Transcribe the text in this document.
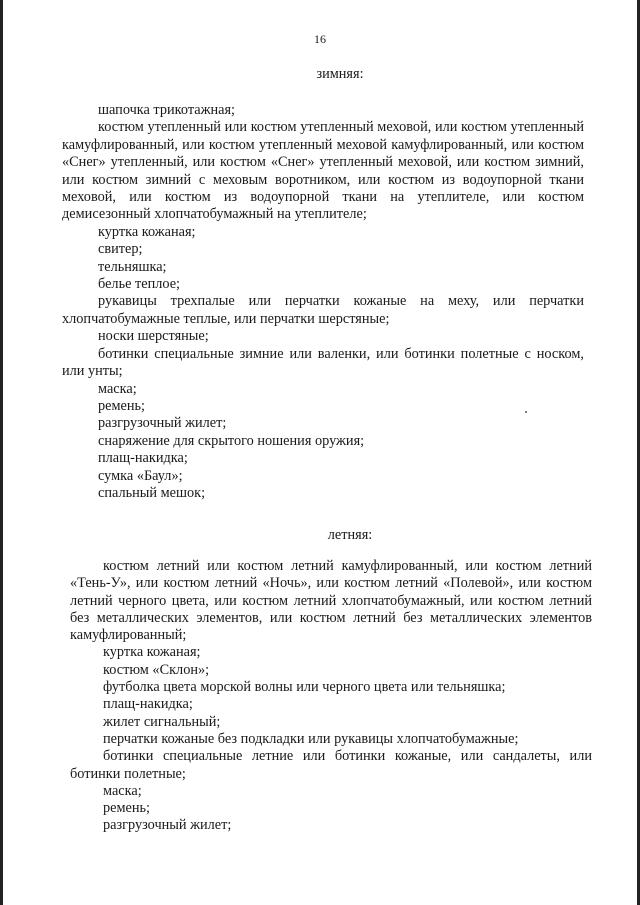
16
зимняя:

шапочка трикотажная;

костюм утепленный или костюм утепленный меховой, или костюм утепленный камуфлированный, или костюм утепленный меховой камуфлированный, или костюм «Снег» утепленный, или костюм «Снег» утепленный меховой, или костюм зимний, или костюм зимний с меховым воротником, или костюм из водоупорной ткани меховой, или костюм из водоупорной ткани на утеплителе, или костюм демисезонный хлопчатобумажный на утеплителе;

куртка кожаная;

свитер;

тельняшка;

белье теплое;

рукавицы трехпалые или перчатки кожаные на меху, или перчатки хлопчатобумажные теплые, или перчатки шерстяные;

носки шерстяные;

ботинки специальные зимние или валенки, или ботинки полетные с носком, или унты;

маска;

ремень;

разгрузочный жилет;

снаряжение для скрытого ношения оружия;

плащ-накидка;

сумка «Баул»;

спальный мешок;

летняя:

костюм летний или костюм летний камуфлированный, или костюм летний «Тень-У», или костюм летний «Ночь», или костюм летний «Полевой», или костюм летний черного цвета, или костюм летний хлопчатобумажный, или костюм летний без металлических элементов, или костюм летний без металлических элементов камуфлированный;

куртка кожаная;

костюм «Склон»;

футболка цвета морской волны или черного цвета или тельняшка;

плащ-накидка;

жилет сигнальный;

перчатки кожаные без подкладки или рукавицы хлопчатобумажные;

ботинки специальные летние или ботинки кожаные, или сандалеты, или ботинки полетные;

маска;

ремень;

разгрузочный жилет;
